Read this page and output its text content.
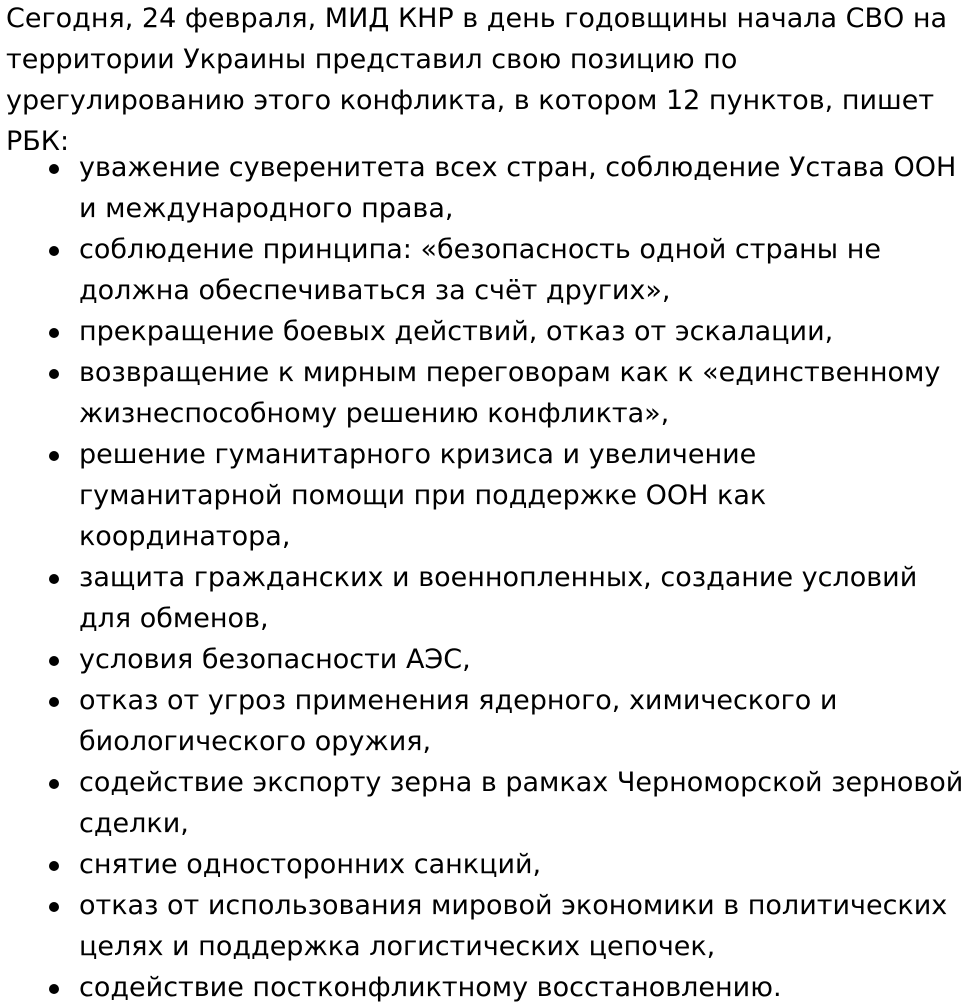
Сегодня, 24 февраля, МИД КНР в день годовщины начала СВО на территории Украины представил свою позицию по урегулированию этого конфликта, в котором 12 пунктов, пишет РБК:

уважение суверенитета всех стран, соблюдение Устава ООН и международного права,
соблюдение принципа: «безопасность одной страны не должна обеспечиваться за счёт других»,
прекращение боевых действий, отказ от эскалации,
возвращение к мирным переговорам как к «единственному жизнеспособному решению конфликта»,
решение гуманитарного кризиса и увеличение гуманитарной помощи при поддержке ООН как координатора,
защита гражданских и военнопленных, создание условий для обменов,
условия безопасности АЭС,
отказ от угроз применения ядерного, химического и биологического оружия,
содействие экспорту зерна в рамках Черноморской зерновой сделки,
снятие односторонних санкций,
отказ от использования мировой экономики в политических целях и поддержка логистических цепочек,
содействие постконфликтному восстановлению.
